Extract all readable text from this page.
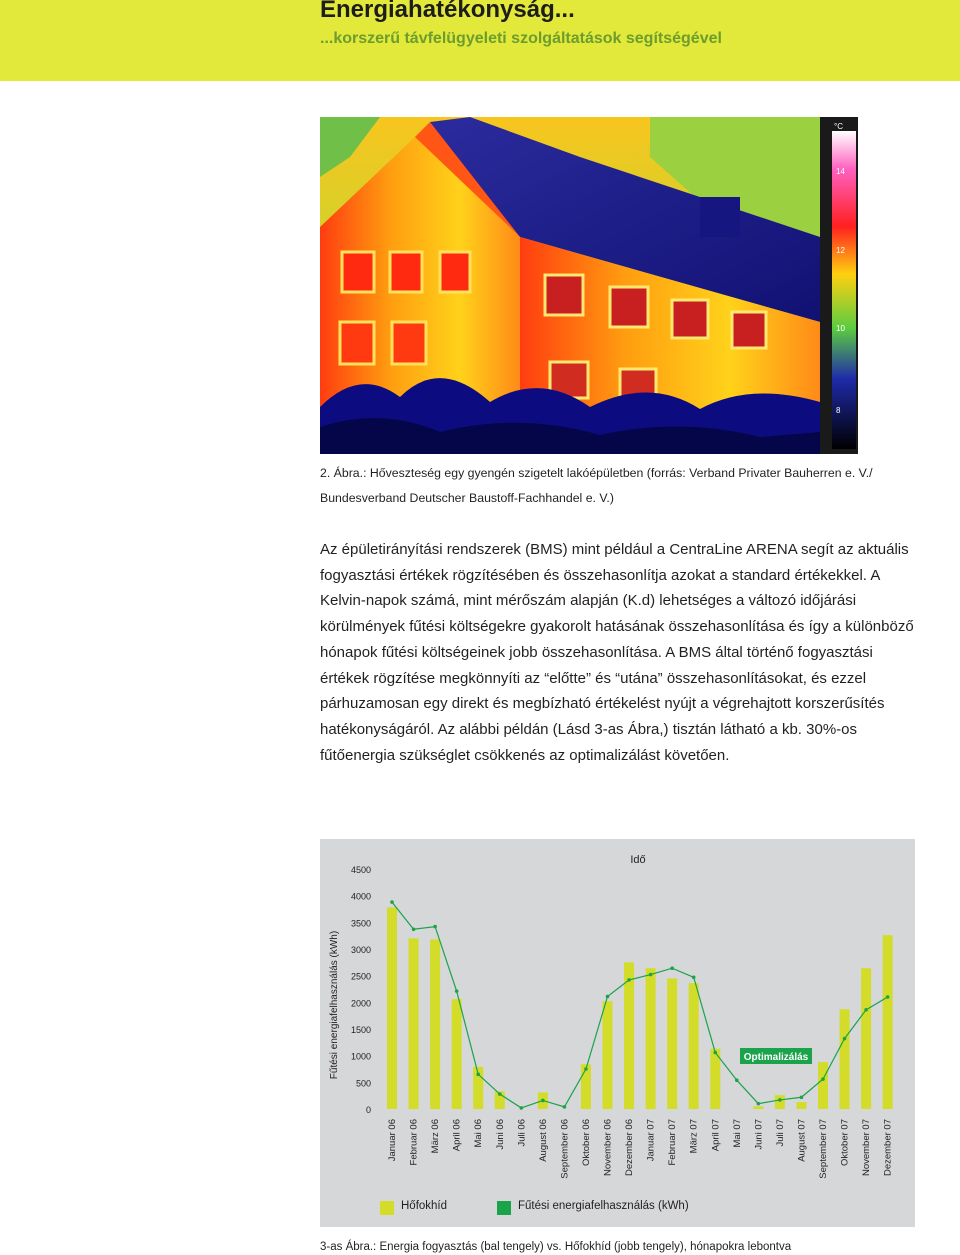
Energiahatékonyság...
...korszerű távfelügyeleti szolgáltatások segítségével
°C
14
12
10
8
2. Ábra.: Hőveszteség egy gyengén szigetelt lakóépületben (forrás: Verband Privater Bauherren e. V./ Bundesverband Deutscher Baustoff-Fachhandel e. V.)

Az épületirányítási rendszerek (BMS) mint például a CentraLine ARENA segít az aktuális fogyasztási értékek rögzítésében és összehasonlítja azokat a standard értékekkel. A Kelvin-napok számá, mint mérőszám alapján (K.d) lehetséges a változó időjárási körülmények fűtési költségekre gyakorolt hatásának összehasonlítása és így a különböző hónapok fűtési költségeinek jobb összehasonlítása. A BMS által történő fogyasztási értékek rögzítése megkönnyíti az “előtte” és “utána” összehasonlításokat, és ezzel párhuzamosan egy direkt és megbízható értékelést nyújt a végrehajtott korszerűsítés hatékonyságáról. Az alábbi példán (Lásd 3-as Ábra,) tisztán látható a kb. 30%-os fűtőenergia szükséglet csökkenés az optimalizálást követően.

Idő
Fűtési energiafelhasználás (kWh)
4500
4000
3500
3000
2500
2000
1500
1000
500
0
Januar 06 Februar 06 März 06 April 06 Mai 06 Juni 06 Juli 06 August 06 September 06 Oktober 06 November 06 Dezember 06 Januar 07 Februar 07 März 07 April 07 Mai 07 Juni 07 Juli 07 August 07 September 07 Oktober 07 November 07 Dezember 07
Optimalizálás
Hőfokhíd	Fűtési energiafelhasználás (kWh)
3-as Ábra.: Energia fogyasztás (bal tengely) vs. Hőfokhíd (jobb tengely), hónapokra lebontva
